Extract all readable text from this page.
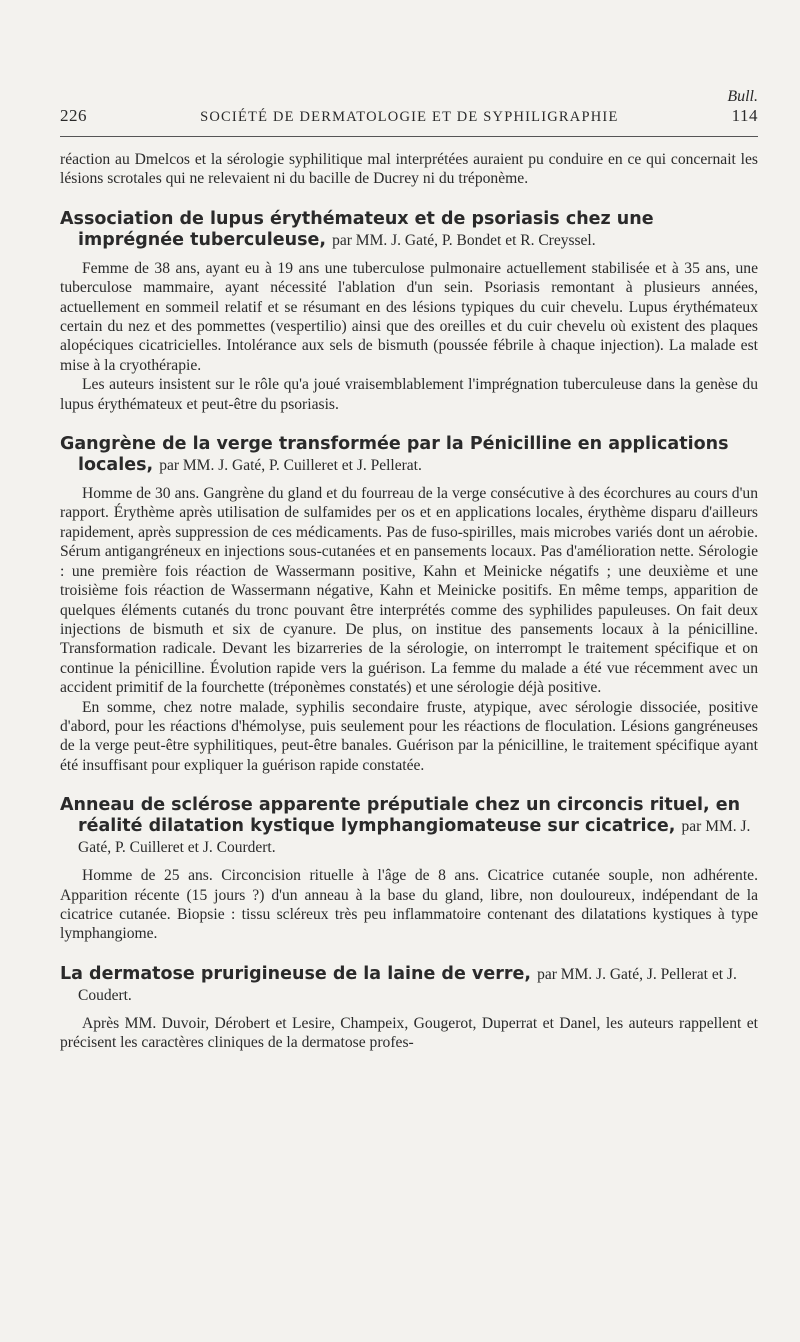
Bull.
226	SOCIÉTÉ DE DERMATOLOGIE ET DE SYPHILIGRAPHIE	114

réaction au Dmelcos et la sérologie syphilitique mal interprétées auraient pu conduire en ce qui concernait les lésions scrotales qui ne relevaient ni du bacille de Ducrey ni du tréponème.

Association de lupus érythémateux et de psoriasis chez une imprégnée tuberculeuse, par MM. J. Gaté, P. Bondet et R. Creyssel.

Femme de 38 ans, ayant eu à 19 ans une tuberculose pulmonaire actuellement stabilisée et à 35 ans, une tuberculose mammaire, ayant nécessité l'ablation d'un sein. Psoriasis remontant à plusieurs années, actuellement en sommeil relatif et se résumant en des lésions typiques du cuir chevelu. Lupus érythémateux certain du nez et des pommettes (vespertilio) ainsi que des oreilles et du cuir chevelu où existent des plaques alopéciques cicatricielles. Intolérance aux sels de bismuth (poussée fébrile à chaque injection). La malade est mise à la cryothérapie.

Les auteurs insistent sur le rôle qu'a joué vraisemblablement l'imprégnation tuberculeuse dans la genèse du lupus érythémateux et peut-être du psoriasis.

Gangrène de la verge transformée par la Pénicilline en applications locales, par MM. J. Gaté, P. Cuilleret et J. Pellerat.

Homme de 30 ans. Gangrène du gland et du fourreau de la verge consécutive à des écorchures au cours d'un rapport. Érythème après utilisation de sulfamides per os et en applications locales, érythème disparu d'ailleurs rapidement, après suppression de ces médicaments. Pas de fuso-spirilles, mais microbes variés dont un aérobie. Sérum antigangréneux en injections sous-cutanées et en pansements locaux. Pas d'amélioration nette. Sérologie : une première fois réaction de Wassermann positive, Kahn et Meinicke négatifs ; une deuxième et une troisième fois réaction de Wassermann négative, Kahn et Meinicke positifs. En même temps, apparition de quelques éléments cutanés du tronc pouvant être interprétés comme des syphilides papuleuses. On fait deux injections de bismuth et six de cyanure. De plus, on institue des pansements locaux à la pénicilline. Transformation radicale. Devant les bizarreries de la sérologie, on interrompt le traitement spécifique et on continue la pénicilline. Évolution rapide vers la guérison. La femme du malade a été vue récemment avec un accident primitif de la fourchette (tréponèmes constatés) et une sérologie déjà positive.

En somme, chez notre malade, syphilis secondaire fruste, atypique, avec sérologie dissociée, positive d'abord, pour les réactions d'hémolyse, puis seulement pour les réactions de floculation. Lésions gangréneuses de la verge peut-être syphilitiques, peut-être banales. Guérison par la pénicilline, le traitement spécifique ayant été insuffisant pour expliquer la guérison rapide constatée.

Anneau de sclérose apparente préputiale chez un circoncis rituel, en réalité dilatation kystique lymphangiomateuse sur cicatrice, par MM. J. Gaté, P. Cuilleret et J. Courdert.

Homme de 25 ans. Circoncision rituelle à l'âge de 8 ans. Cicatrice cutanée souple, non adhérente. Apparition récente (15 jours ?) d'un anneau à la base du gland, libre, non douloureux, indépendant de la cicatrice cutanée. Biopsie : tissu scléreux très peu inflammatoire contenant des dilatations kystiques à type lymphangiome.

La dermatose prurigineuse de la laine de verre, par MM. J. Gaté, J. Pellerat et J. Coudert.

Après MM. Duvoir, Dérobert et Lesire, Champeix, Gougerot, Duperrat et Danel, les auteurs rappellent et précisent les caractères cliniques de la dermatose profes-
